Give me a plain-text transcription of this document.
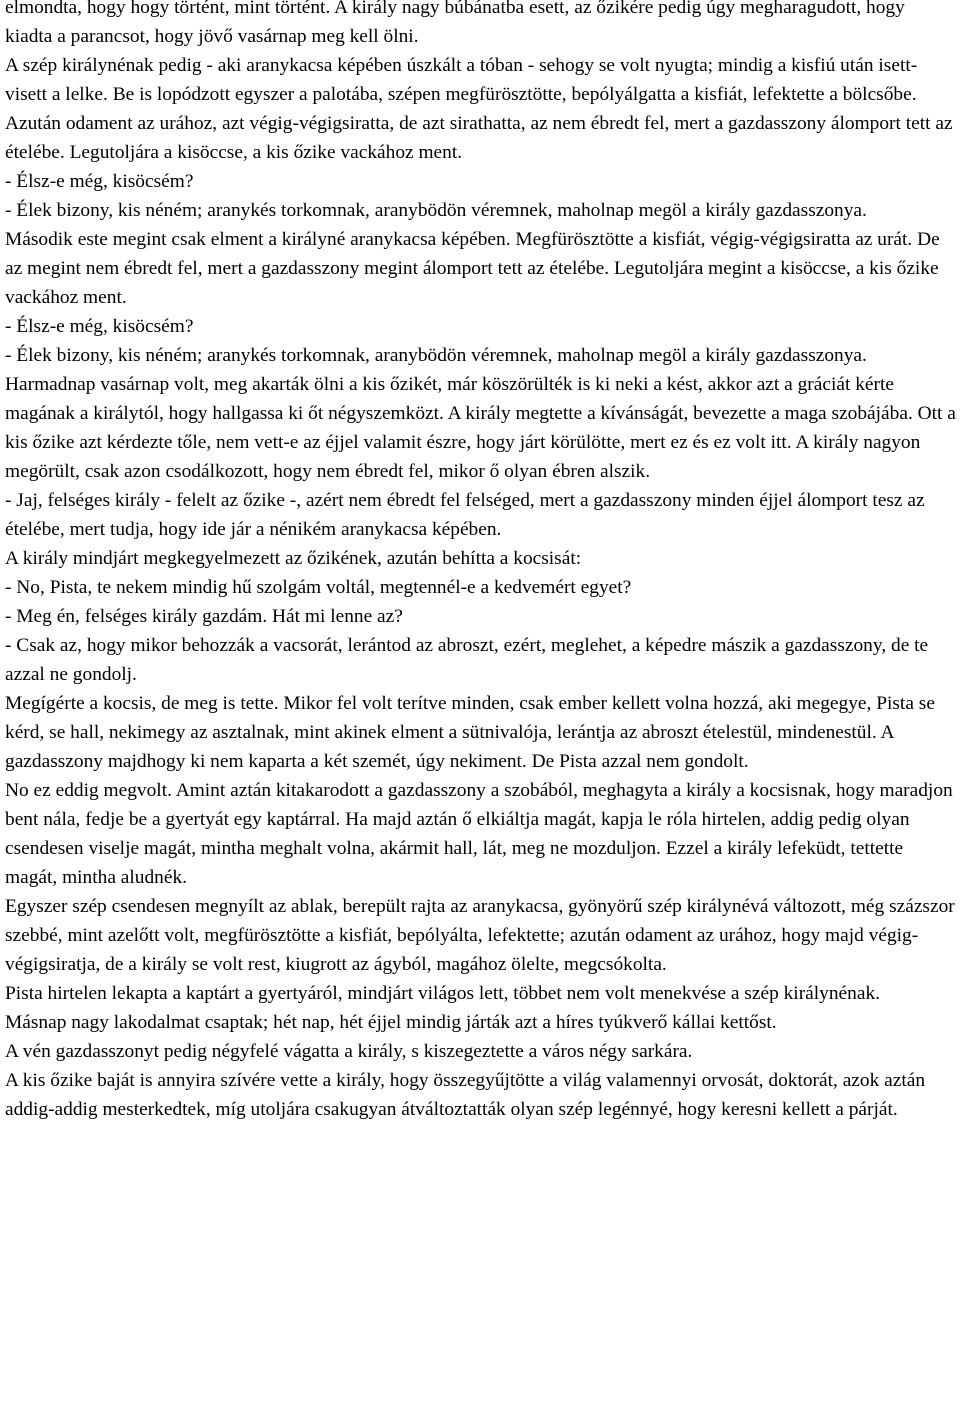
elmondta, hogy hogy történt, mint történt. A király nagy búbánatba esett, az őzikére pedig úgy megharagudott, hogy kiadta a parancsot, hogy jövő vasárnap meg kell ölni.

A szép királynénak pedig - aki aranykacsa képében úszkált a tóban - sehogy se volt nyugta; mindig a kisfiú után isett-visett a lelke. Be is lopódzott egyszer a palotába, szépen megfürösztötte, bepólyálgatta a kisfiát, lefektette a bölcsőbe. Azután odament az urához, azt végig-végigsiratta, de azt sirathatta, az nem ébredt fel, mert a gazdasszony álomport tett az ételébe. Legutoljára a kisöccse, a kis őzike vackához ment.

- Élsz-e még, kisöcsém?

- Élek bizony, kis néném; aranykés torkomnak, aranybödön véremnek, maholnap megöl a király gazdasszonya.

Második este megint csak elment a királyné aranykacsa képében. Megfürösztötte a kisfiát, végig-végigsiratta az urát. De az megint nem ébredt fel, mert a gazdasszony megint álomport tett az ételébe. Legutoljára megint a kisöccse, a kis őzike vackához ment.

- Élsz-e még, kisöcsém?

- Élek bizony, kis néném; aranykés torkomnak, aranybödön véremnek, maholnap megöl a király gazdasszonya.

Harmadnap vasárnap volt, meg akarták ölni a kis őzikét, már köszörülték is ki neki a kést, akkor azt a gráciát kérte magának a királytól, hogy hallgassa ki őt négyszemközt. A király megtette a kívánságát, bevezette a maga szobájába. Ott a kis őzike azt kérdezte tőle, nem vett-e az éjjel valamit észre, hogy járt körülötte, mert ez és ez volt itt. A király nagyon megörült, csak azon csodálkozott, hogy nem ébredt fel, mikor ő olyan ébren alszik.

- Jaj, felséges király - felelt az őzike -, azért nem ébredt fel felséged, mert a gazdasszony minden éjjel álomport tesz az ételébe, mert tudja, hogy ide jár a nénikém aranykacsa képében.

A király mindjárt megkegyelmezett az őzikének, azután behítta a kocsisát:

- No, Pista, te nekem mindig hű szolgám voltál, megtennél-e a kedvemért egyet?

- Meg én, felséges király gazdám. Hát mi lenne az?

- Csak az, hogy mikor behozzák a vacsorát, lerántod az abroszt, ezért, meglehet, a képedre mászik a gazdasszony, de te azzal ne gondolj.

Megígérte a kocsis, de meg is tette. Mikor fel volt terítve minden, csak ember kellett volna hozzá, aki megegye, Pista se kérd, se hall, nekimegy az asztalnak, mint akinek elment a sütnivalója, lerántja az abroszt ételestül, mindenestül. A gazdasszony majdhogy ki nem kaparta a két szemét, úgy nekiment. De Pista azzal nem gondolt.

No ez eddig megvolt. Amint aztán kitakarodott a gazdasszony a szobából, meghagyta a király a kocsisnak, hogy maradjon bent nála, fedje be a gyertyát egy kaptárral. Ha majd aztán ő elkiáltja magát, kapja le róla hirtelen, addig pedig olyan csendesen viselje magát, mintha meghalt volna, akármit hall, lát, meg ne mozduljon. Ezzel a király lefeküdt, tettette magát, mintha aludnék.

Egyszer szép csendesen megnyílt az ablak, berepült rajta az aranykacsa, gyönyörű szép királynévá változott, még százszor szebbé, mint azelőtt volt, megfürösztötte a kisfiát, bepólyálta, lefektette; azután odament az urához, hogy majd végig-végigsiratja, de a király se volt rest, kiugrott az ágyból, magához ölelte, megcsókolta.

Pista hirtelen lekapta a kaptárt a gyertyáról, mindjárt világos lett, többet nem volt menekvése a szép királynénak.

Másnap nagy lakodalmat csaptak; hét nap, hét éjjel mindig járták azt a híres tyúkverő kállai kettőst.

A vén gazdasszonyt pedig négyfelé vágatta a király, s kiszegeztette a város négy sarkára.

A kis őzike baját is annyira szívére vette a király, hogy összegyűjtötte a világ valamennyi orvosát, doktorát, azok aztán addig-addig mesterkedtek, míg utoljára csakugyan átváltoztatták olyan szép legénnyé, hogy keresni kellett a párját.
